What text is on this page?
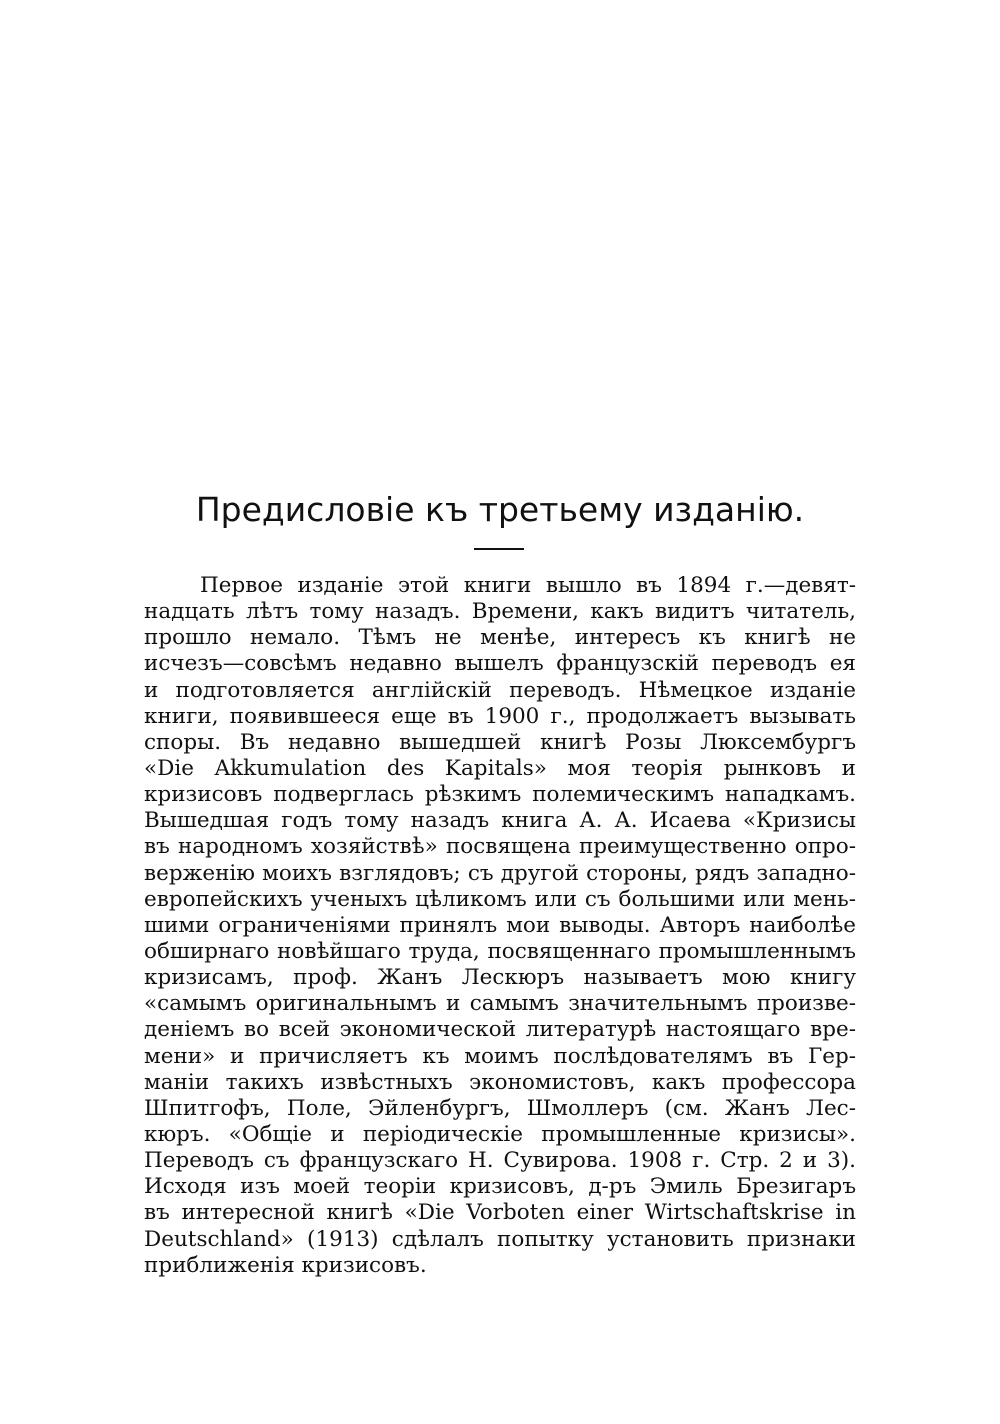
Предисловіе къ третьему изданію.
Первое изданіе этой книги вышло въ 1894 г.—девят-
надцать лѣтъ тому назадъ. Времени, какъ видитъ читатель,
прошло немало. Тѣмъ не менѣе, интересъ къ книгѣ не
исчезъ—совсѣмъ недавно вышелъ французскій переводъ ея
и подготовляется англійскій переводъ. Нѣмецкое изданіе
книги, появившееся еще въ 1900 г., продолжаетъ вызывать
споры. Въ недавно вышедшей книгѣ Розы Люксембургъ
«Die Akkumulation des Kapitals» моя теорія рынковъ и
кризисовъ подверглась рѣзкимъ полемическимъ нападкамъ.
Вышедшая годъ тому назадъ книга А. А. Исаева «Кризисы
въ народномъ хозяйствѣ» посвящена преимущественно опро-
верженію моихъ взглядовъ; съ другой стороны, рядъ западно-
европейскихъ ученыхъ цѣликомъ или съ большими или мень-
шими ограниченіями принялъ мои выводы. Авторъ наиболѣе
обширнаго новѣйшаго труда, посвященнаго промышленнымъ
кризисамъ, проф. Жанъ Лескюръ называетъ мою книгу
«самымъ оригинальнымъ и самымъ значительнымъ произве-
деніемъ во всей экономической литературѣ настоящаго вре-
мени» и причисляетъ къ моимъ послѣдователямъ въ Гер-
маніи такихъ извѣстныхъ экономистовъ, какъ профессора
Шпитгофъ, Поле, Эйленбургъ, Шмоллеръ (см. Жанъ Лес-
кюръ. «Общіе и періодическіе промышленные кризисы».
Переводъ съ французскаго Н. Сувирова. 1908 г. Стр. 2 и 3).
Исходя изъ моей теоріи кризисовъ, д-ръ Эмиль Брезигаръ
въ интересной книгѣ «Die Vorboten einer Wirtschaftskrise in
Deutschland» (1913) сдѣлалъ попытку установить признаки
приближенія кризисовъ.
